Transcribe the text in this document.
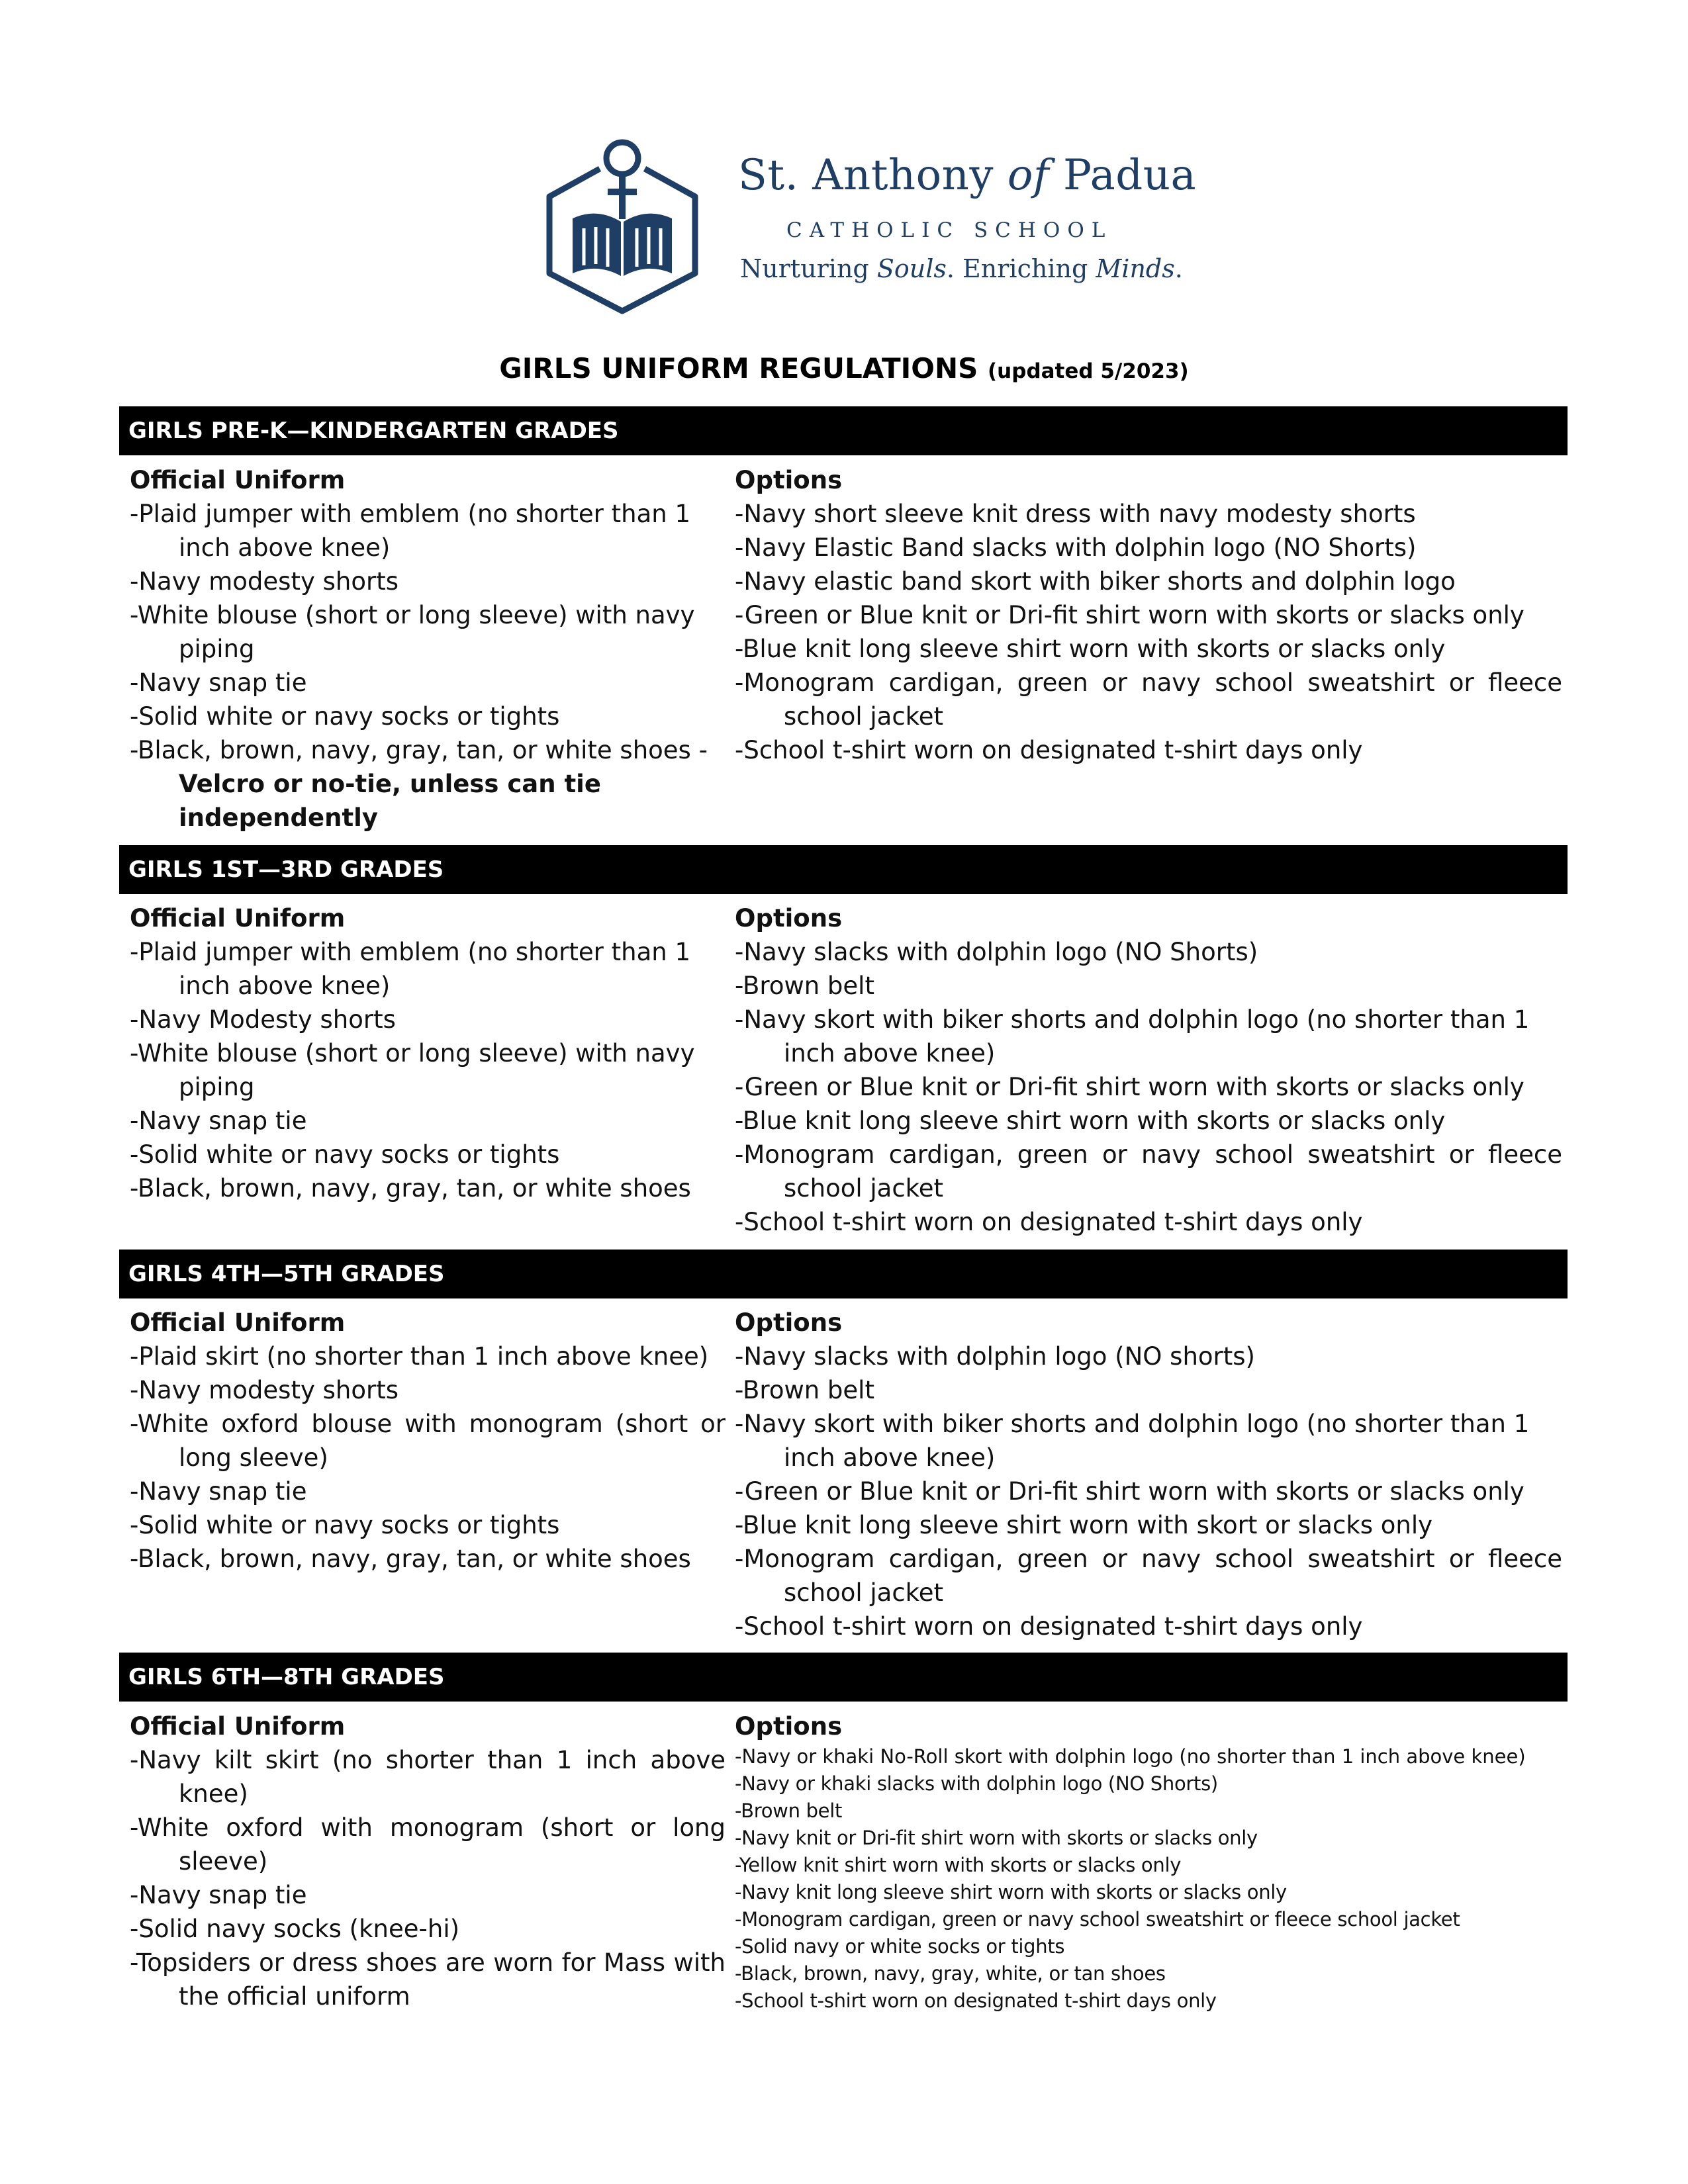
St. Anthony of Padua
CATHOLIC SCHOOL
Nurturing Souls. Enriching Minds.
GIRLS UNIFORM REGULATIONS (updated 5/2023)
GIRLS PRE-K—KINDERGARTEN GRADES
Official Uniform
-Plaid jumper with emblem (no shorter than 1 inch above knee)
-Navy modesty shorts
-White blouse (short or long sleeve) with navy piping
-Navy snap tie
-Solid white or navy socks or tights
-Black, brown, navy, gray, tan, or white shoes - Velcro or no-tie, unless can tie independently
Options
-Navy short sleeve knit dress with navy modesty shorts
-Navy Elastic Band slacks with dolphin logo (NO Shorts)
-Navy elastic band skort with biker shorts and dolphin logo
-Green or Blue knit or Dri-fit shirt worn with skorts or slacks only
-Blue knit long sleeve shirt worn with skorts or slacks only
-Monogram cardigan, green or navy school sweatshirt or fleece school jacket
-School t-shirt worn on designated t-shirt days only
GIRLS 1ST—3RD GRADES
Official Uniform
-Plaid jumper with emblem (no shorter than 1 inch above knee)
-Navy Modesty shorts
-White blouse (short or long sleeve) with navy piping
-Navy snap tie
-Solid white or navy socks or tights
-Black, brown, navy, gray, tan, or white shoes
Options
-Navy slacks with dolphin logo (NO Shorts)
-Brown belt
-Navy skort with biker shorts and dolphin logo (no shorter than 1 inch above knee)
-Green or Blue knit or Dri-fit shirt worn with skorts or slacks only
-Blue knit long sleeve shirt worn with skorts or slacks only
-Monogram cardigan, green or navy school sweatshirt or fleece school jacket
-School t-shirt worn on designated t-shirt days only
GIRLS 4TH—5TH GRADES
Official Uniform
-Plaid skirt (no shorter than 1 inch above knee)
-Navy modesty shorts
-White oxford blouse with monogram (short or long sleeve)
-Navy snap tie
-Solid white or navy socks or tights
-Black, brown, navy, gray, tan, or white shoes
Options
-Navy slacks with dolphin logo (NO shorts)
-Brown belt
-Navy skort with biker shorts and dolphin logo (no shorter than 1 inch above knee)
-Green or Blue knit or Dri-fit shirt worn with skorts or slacks only
-Blue knit long sleeve shirt worn with skort or slacks only
-Monogram cardigan, green or navy school sweatshirt or fleece school jacket
-School t-shirt worn on designated t-shirt days only
GIRLS 6TH—8TH GRADES
Official Uniform
-Navy kilt skirt (no shorter than 1 inch above knee)
-White oxford with monogram (short or long sleeve)
-Navy snap tie
-Solid navy socks (knee-hi)
-Topsiders or dress shoes are worn for Mass with the official uniform
Options
-Navy or khaki No-Roll skort with dolphin logo (no shorter than 1 inch above knee)
-Navy or khaki slacks with dolphin logo (NO Shorts)
-Brown belt
-Navy knit or Dri-fit shirt worn with skorts or slacks only
-Yellow knit shirt worn with skorts or slacks only
-Navy knit long sleeve shirt worn with skorts or slacks only
-Monogram cardigan, green or navy school sweatshirt or fleece school jacket
-Solid navy or white socks or tights
-Black, brown, navy, gray, white, or tan shoes
-School t-shirt worn on designated t-shirt days only
